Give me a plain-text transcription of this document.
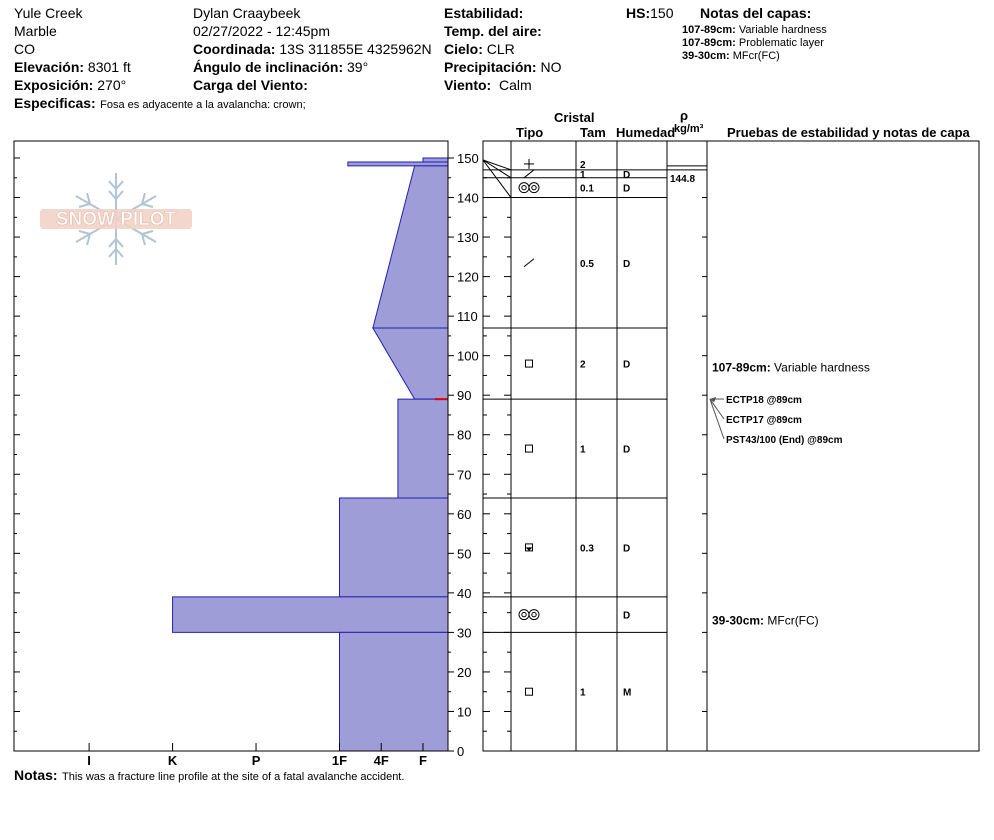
Yule Creek
Marble
CO
Elevación: 8301 ft
Exposición: 270°
Especificas: Fosa es adyacente a la avalancha: crown;
Dylan Craaybeek
02/27/2022 - 12:45pm
Coordinada: 13S 311855E 4325962N
Ángulo de inclinación: 39°
Carga del Viento:
Estabilidad:
Temp. del aire:
Cielo: CLR
Precipitación: NO
Viento: Calm
HS:150 Notas del capas:
107-89cm: Variable hardness
107-89cm: Problematic layer
39-30cm: MFcr(FC)
Cristal
Tipo	Tam Humedad
ρ
kg/m³ Pruebas de estabilidad y notas de capa
Notas: This was a fracture line profile at the site of a fatal avalanche accident.
SNOW PILOT
0
10
20
30
40
50
60
70
80
90
100
110
120
130
140
150
I	K	P	1F 4F F
2
1	D
0.1	D
0.5	D
2	D
1	D
0.3	D
D
1	M
144.8
107-89cm: Variable hardness
39-30cm: MFcr(FC)
ECTP18 @89cm
ECTP17 @89cm
PST43/100 (End) @89cm
